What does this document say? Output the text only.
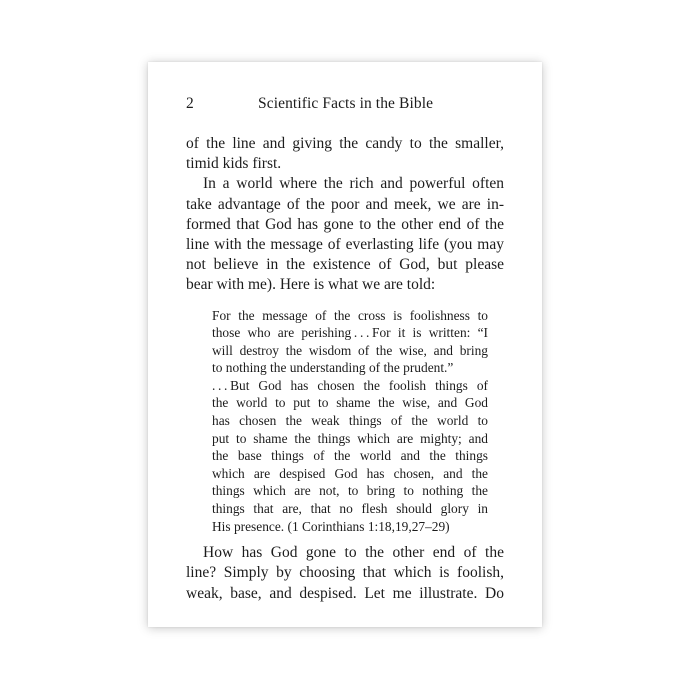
2	Scientific Facts in the Bible
of the line and giving the candy to the smaller,
timid kids first.
In a world where the rich and powerful often
take advantage of the poor and meek, we are in-
formed that God has gone to the other end of the
line with the message of everlasting life (you may
not believe in the existence of God, but please
bear with me). Here is what we are told:
For the message of the cross is foolishness to
those who are perishing . . . For it is written: “I
will destroy the wisdom of the wise, and bring
to nothing the understanding of the prudent.”
. . . But God has chosen the foolish things of
the world to put to shame the wise, and God
has chosen the weak things of the world to
put to shame the things which are mighty; and
the base things of the world and the things
which are despised God has chosen, and the
things which are not, to bring to nothing the
things that are, that no flesh should glory in
His presence. (1 Corinthians 1:18,19,27–29)
How has God gone to the other end of the
line? Simply by choosing that which is foolish,
weak, base, and despised. Let me illustrate. Do
